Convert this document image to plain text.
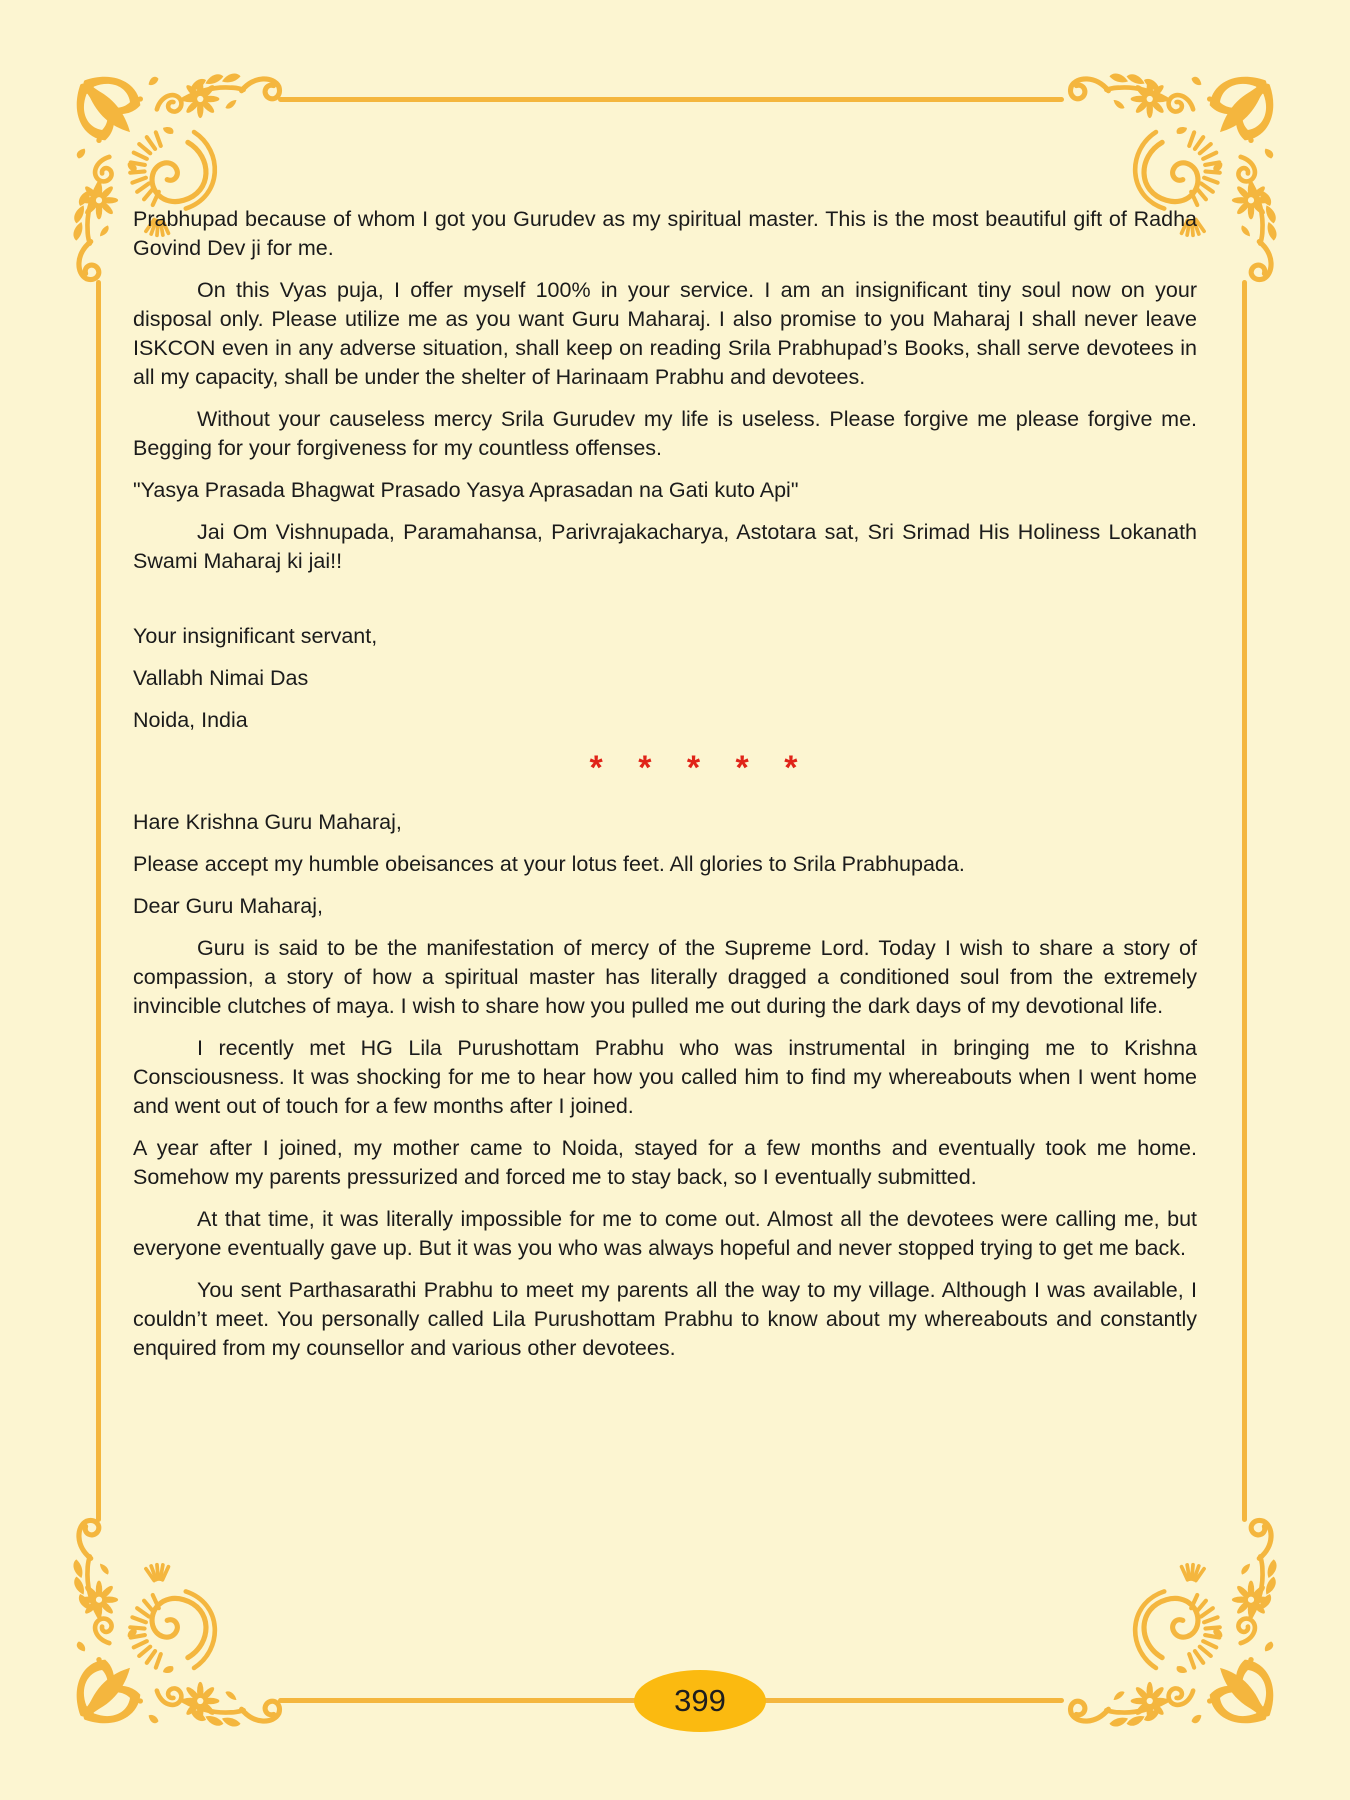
Prabhupad because of whom I got you Gurudev as my spiritual master. This is the most beautiful gift of Radha Govind Dev ji for me.

On this Vyas puja, I offer myself 100% in your service. I am an insignificant tiny soul now on your disposal only. Please utilize me as you want Guru Maharaj. I also promise to you Maharaj I shall never leave ISKCON even in any adverse situation, shall keep on reading Srila Prabhupad’s Books, shall serve devotees in all my capacity, shall be under the shelter of Harinaam Prabhu and devotees.

Without your causeless mercy Srila Gurudev my life is useless. Please forgive me please forgive me. Begging for your forgiveness for my countless offenses.

"Yasya Prasada Bhagwat Prasado Yasya Aprasadan na Gati kuto Api"

Jai Om Vishnupada, Paramahansa, Parivrajakacharya, Astotara sat, Sri Srimad His Holiness Lokanath Swami Maharaj ki jai!!

Your insignificant servant,

Vallabh Nimai Das

Noida, India

* * * * *

Hare Krishna Guru Maharaj,

Please accept my humble obeisances at your lotus feet. All glories to Srila Prabhupada.

Dear Guru Maharaj,

Guru is said to be the manifestation of mercy of the Supreme Lord. Today I wish to share a story of compassion, a story of how a spiritual master has literally dragged a conditioned soul from the extremely invincible clutches of maya. I wish to share how you pulled me out during the dark days of my devotional life.

I recently met HG Lila Purushottam Prabhu who was instrumental in bringing me to Krishna Consciousness. It was shocking for me to hear how you called him to find my whereabouts when I went home and went out of touch for a few months after I joined.

A year after I joined, my mother came to Noida, stayed for a few months and eventually took me home. Somehow my parents pressurized and forced me to stay back, so I eventually submitted.

At that time, it was literally impossible for me to come out. Almost all the devotees were calling me, but everyone eventually gave up. But it was you who was always hopeful and never stopped trying to get me back.

You sent Parthasarathi Prabhu to meet my parents all the way to my village. Although I was available, I couldn’t meet. You personally called Lila Purushottam Prabhu to know about my whereabouts and constantly enquired from my counsellor and various other devotees.

399
